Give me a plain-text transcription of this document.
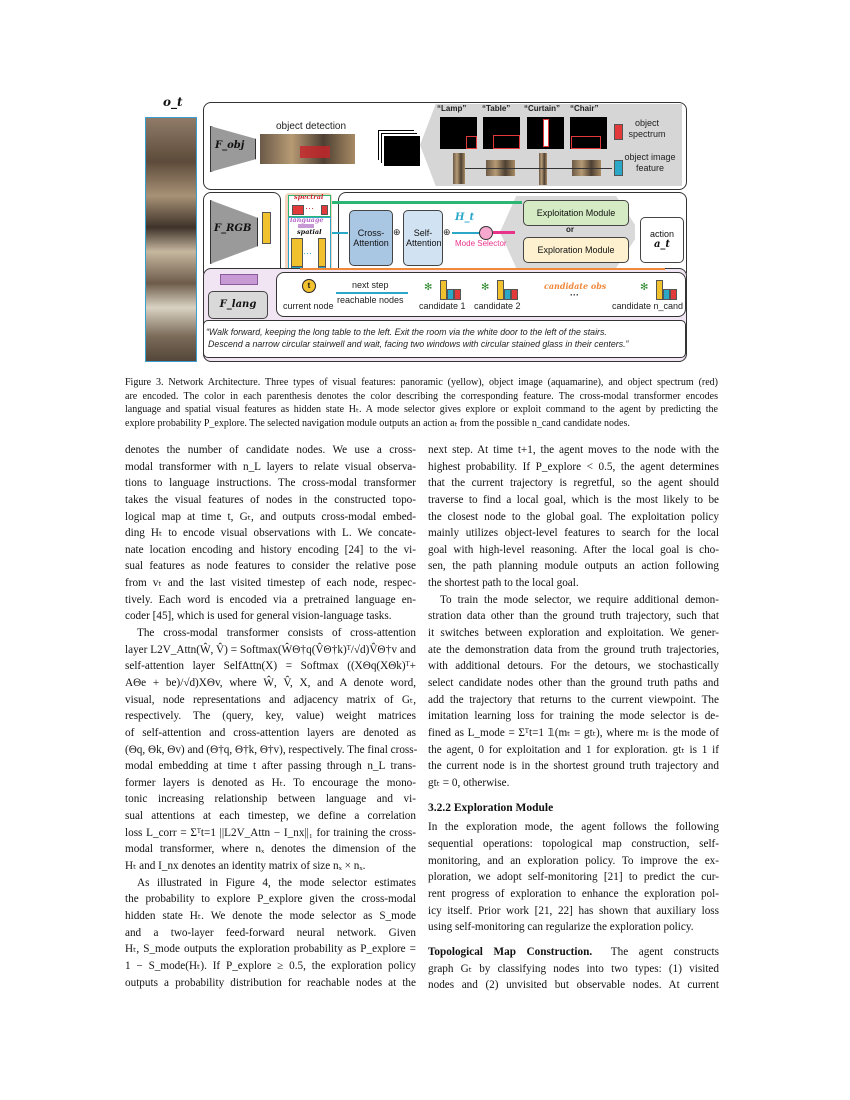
o_t
F_obj
object detection
“Lamp” “Table” “Curtain” “Chair”
object spectrum
object image feature
F_RGB
spectral
language
spatial
···
···
Cross-Attention
⊕	Self-Attention
⊕
H_t
Mode Selector
Exploitation Module
or
Exploration Module
action
a_t
F_lang
t
current node
next step
reachable nodes
✻
candidate 1
✻
candidate 2
candidate obs
···
✻
candidate n_cand
“Walk forward, keeping the long table to the left. Exit the room via the white door to the left of the stairs.
Descend a narrow circular stairwell and wait, facing two windows with circular stained glass in their centers.”
Figure 3. Network Architecture. Three types of visual features: panoramic (yellow), object image (aquamarine), and object spectrum (red)
are encoded. The color in each parenthesis denotes the color describing the corresponding feature. The cross-modal transformer encodes
language and spatial visual features as hidden state Hₜ. A mode selector gives explore or exploit command to the agent by predicting the
explore probability P_explore. The selected navigation module outputs an action aₜ from the possible n_cand candidate nodes.
denotes the number of candidate nodes. We use a cross-
modal transformer with n_L layers to relate visual observa-
tions to language instructions. The cross-modal transformer
takes the visual features of nodes in the constructed topo-
logical map at time t, Gₜ, and outputs cross-modal embed-
ding Hₜ to encode visual observations with L. We concate-
nate location encoding and history encoding [24] to the vi-
sual features as node features to consider the relative pose
from vₜ and the last visited timestep of each node, respec-
tively. Each word is encoded via a pretrained language en-
coder [45], which is used for general vision-language tasks.
The cross-modal transformer consists of cross-attention
layer L2V_Attn(Ŵ, V̂) = Softmax(ŴΘ†q(V̂Θ†k)ᵀ/√d)V̂Θ†v and
self-attention layer SelfAttn(X) = Softmax ((XΘq(XΘk)ᵀ+
AΘe + be)/√d)XΘv, where Ŵ, V̂, X, and A denote word,
visual, node representations and adjacency matrix of Gₜ,
respectively. The (query, key, value) weight matrices
of self-attention and cross-attention layers are denoted as
(Θq, Θk, Θv) and (Θ†q, Θ†k, Θ†v), respectively. The final cross-
modal embedding at time t after passing through n_L trans-
former layers is denoted as Hₜ. To encourage the mono-
tonic increasing relationship between language and vi-
sual attentions at each timestep, we define a correlation
loss L_corr = Σᵀt=1 ||L2V_Attn − I_nx||₁ for training the cross-
modal transformer, where nₓ denotes the dimension of the
Hₜ and I_nx denotes an identity matrix of size nₓ × nₓ.
As illustrated in Figure 4, the mode selector estimates
the probability to explore P_explore given the cross-modal
hidden state Hₜ. We denote the mode selector as S_mode
and a two-layer feed-forward neural network. Given
Hₜ, S_mode outputs the exploration probability as P_explore =
1 − S_mode(Hₜ). If P_explore ≥ 0.5, the exploration policy
outputs a probability distribution for reachable nodes at the
next step. At time t+1, the agent moves to the node with the
highest probability. If P_explore < 0.5, the agent determines
that the current trajectory is regretful, so the agent should
traverse to find a local goal, which is the most likely to be
the closest node to the global goal. The exploitation policy
mainly utilizes object-level features to search for the local
goal with high-level reasoning. After the local goal is cho-
sen, the path planning module outputs an action following
the shortest path to the local goal.
To train the mode selector, we require additional demon-
stration data other than the ground truth trajectory, such that
it switches between exploration and exploitation. We gener-
ate the demonstration data from the ground truth trajectories,
with additional detours. For the detours, we stochastically
select candidate nodes other than the ground truth paths and
add the trajectory that returns to the current viewpoint. The
imitation learning loss for training the mode selector is de-
fined as L_mode = Σᵀt=1 𝟙(mₜ = gtₜ), where mₜ is the mode of
the agent, 0 for exploitation and 1 for exploration. gtₜ is 1 if
the current node is in the shortest ground truth trajectory and
gtₜ = 0, otherwise.
3.2.2 Exploration Module
In the exploration mode, the agent follows the following
sequential operations: topological map construction, self-
monitoring, and an exploration policy. To improve the ex-
ploration, we adopt self-monitoring [21] to predict the cur-
rent progress of exploration to enhance the exploration pol-
icy itself. Prior work [21, 22] has shown that auxiliary loss
using self-monitoring can regularize the exploration policy.
Topological Map Construction. The agent constructs
graph Gₜ by classifying nodes into two types: (1) visited
nodes and (2) unvisited but observable nodes. At current
